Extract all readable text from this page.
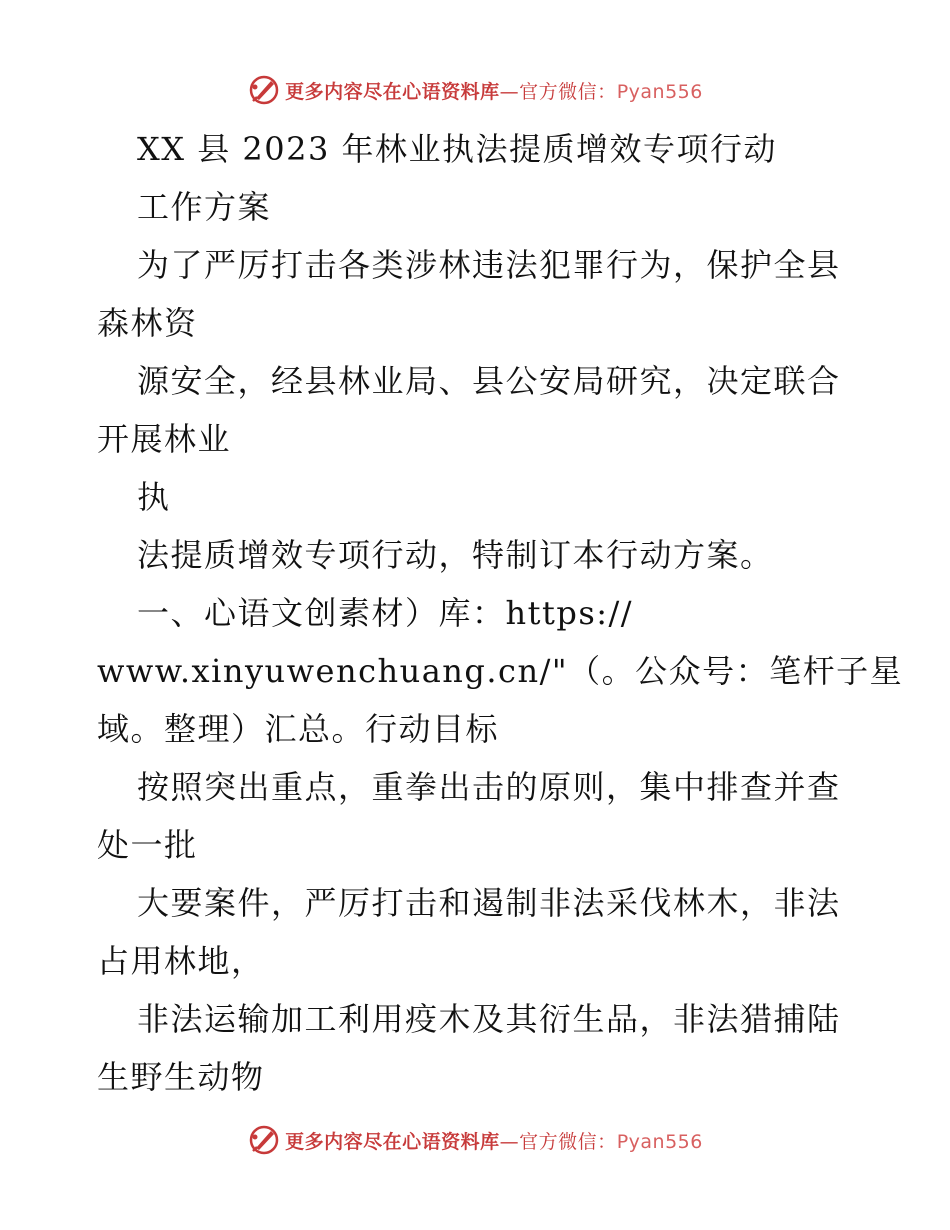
更多内容尽在心语资料库—官方微信：Pyan556
XX 县 2023 年林业执法提质增效专项行动
工作方案
为了严厉打击各类涉林违法犯罪行为，保护全县
森林资
源安全，经县林业局、县公安局研究，决定联合
开展林业
执
法提质增效专项行动，特制订本行动方案。
一、心语文创素材）库：https://
www.xinyuwenchuang.cn/"（。公众号：笔杆子星
域。整理）汇总。行动目标
按照突出重点，重拳出击的原则，集中排查并查
处一批
大要案件，严厉打击和遏制非法采伐林木，非法
占用林地，
非法运输加工利用疫木及其衍生品，非法猎捕陆
生野生动物
更多内容尽在心语资料库—官方微信：Pyan556
